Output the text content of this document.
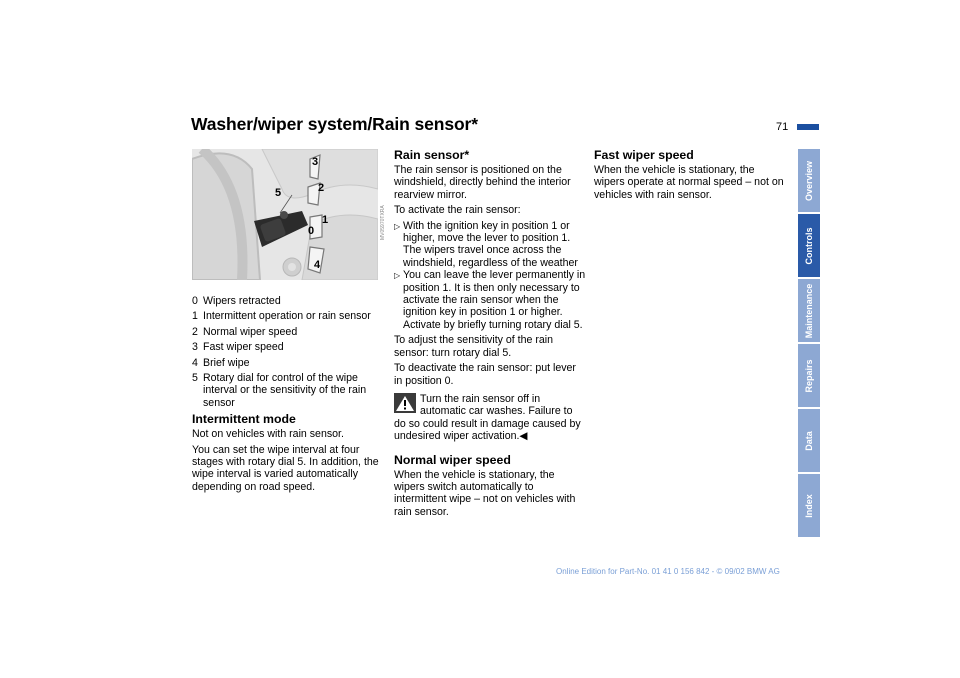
Washer/wiper system/Rain sensor*	71
3
2
5
1
0
4
MV05970TXRA
0 Wipers retracted
1 Intermittent operation or rain sensor
2 Normal wiper speed
3 Fast wiper speed
4 Brief wipe
5 Rotary dial for control of the wipe interval or the sensitivity of the rain sensor
Intermittent mode

Not on vehicles with rain sensor.

You can set the wipe interval at four stages with rotary dial 5. In addition, the wipe interval is varied automatically depending on road speed.

Rain sensor*

The rain sensor is positioned on the windshield, directly behind the interior rearview mirror.

To activate the rain sensor:

▷ With the ignition key in position 1 or higher, move the lever to position 1. The wipers travel once across the windshield, regardless of the weather
▷ You can leave the lever permanently in position 1. It is then only necessary to activate the rain sensor when the ignition key in position 1 or higher. Activate by briefly turning rotary dial 5.

To adjust the sensitivity of the rain sensor: turn rotary dial 5.

To deactivate the rain sensor: put lever in position 0.

Turn the rain sensor off in automatic car washes. Failure to do so could result in damage caused by undesired wiper activation.◀
Normal wiper speed

When the vehicle is stationary, the wipers switch automatically to intermittent wipe – not on vehicles with rain sensor.

Fast wiper speed

When the vehicle is stationary, the wipers operate at normal speed – not on vehicles with rain sensor.	Overview
Controls
Maintenance
Repairs
Data
Index
Online Edition for Part-No. 01 41 0 156 842 - © 09/02 BMW AG
